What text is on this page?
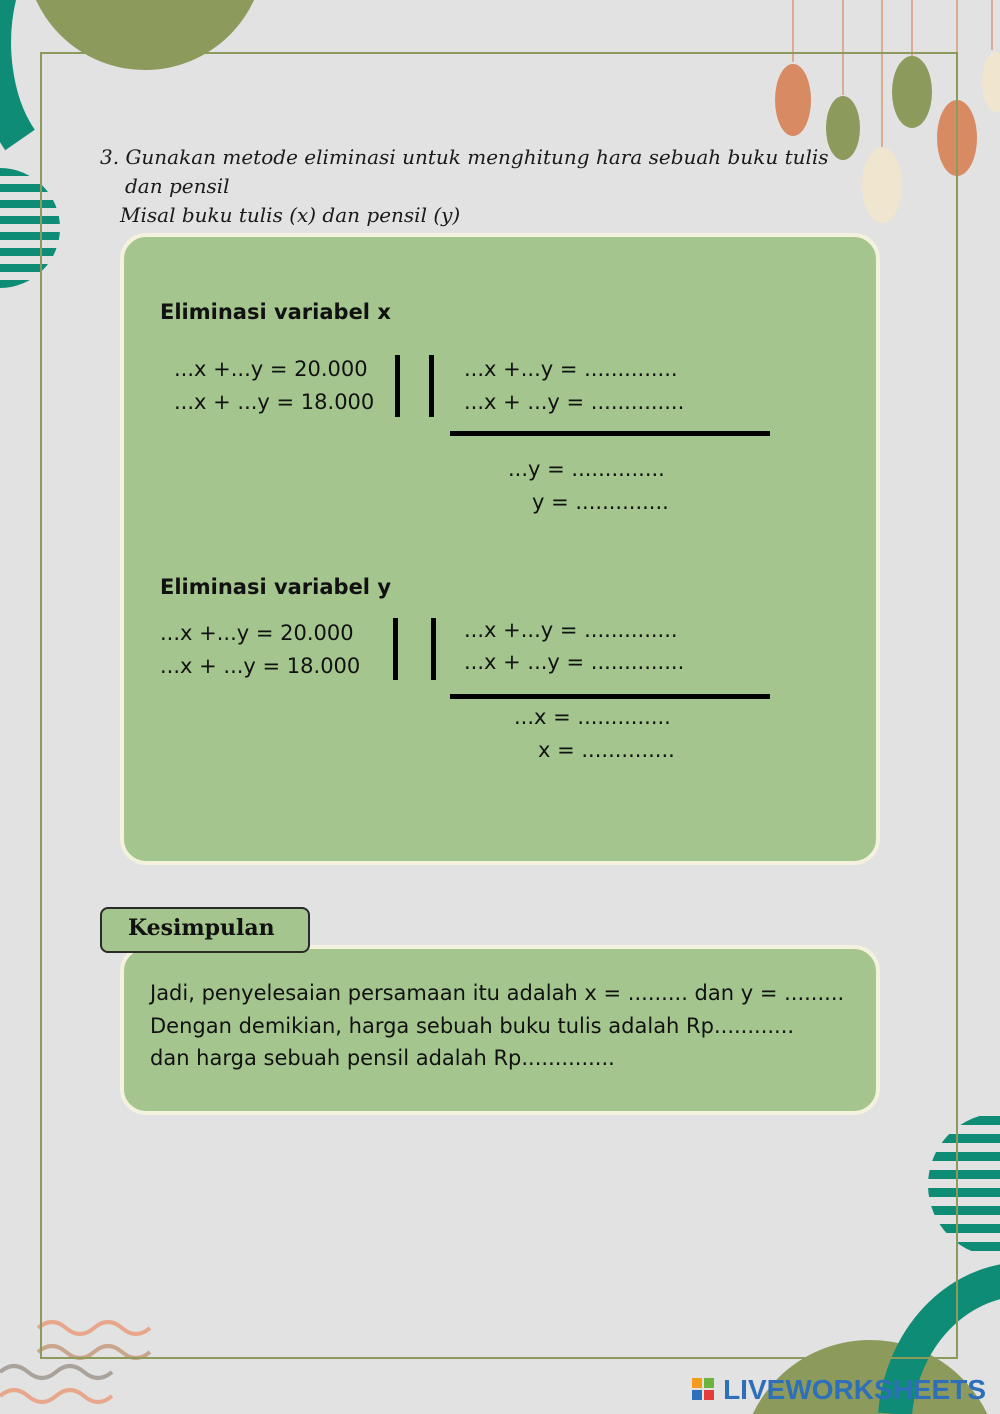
3. Gunakan metode eliminasi untuk menghitung hara sebuah buku tulis
dan pensil
Misal buku tulis (x) dan pensil (y)
Eliminasi variabel x
...x +...y = 20.000
...x + ...y = 18.000
...x +...y = ..............
...x + ...y = ..............
...y = ..............
y = ..............
Eliminasi variabel y
...x +...y = 20.000
...x + ...y = 18.000
...x +...y = ..............
...x + ...y = ..............
...x = ..............
x = ..............
Kesimpulan
Jadi, penyelesaian persamaan itu adalah x = ......... dan y = .........
Dengan demikian, harga sebuah buku tulis adalah Rp............
dan harga sebuah pensil adalah Rp..............
LIVEWORKSHEETS
